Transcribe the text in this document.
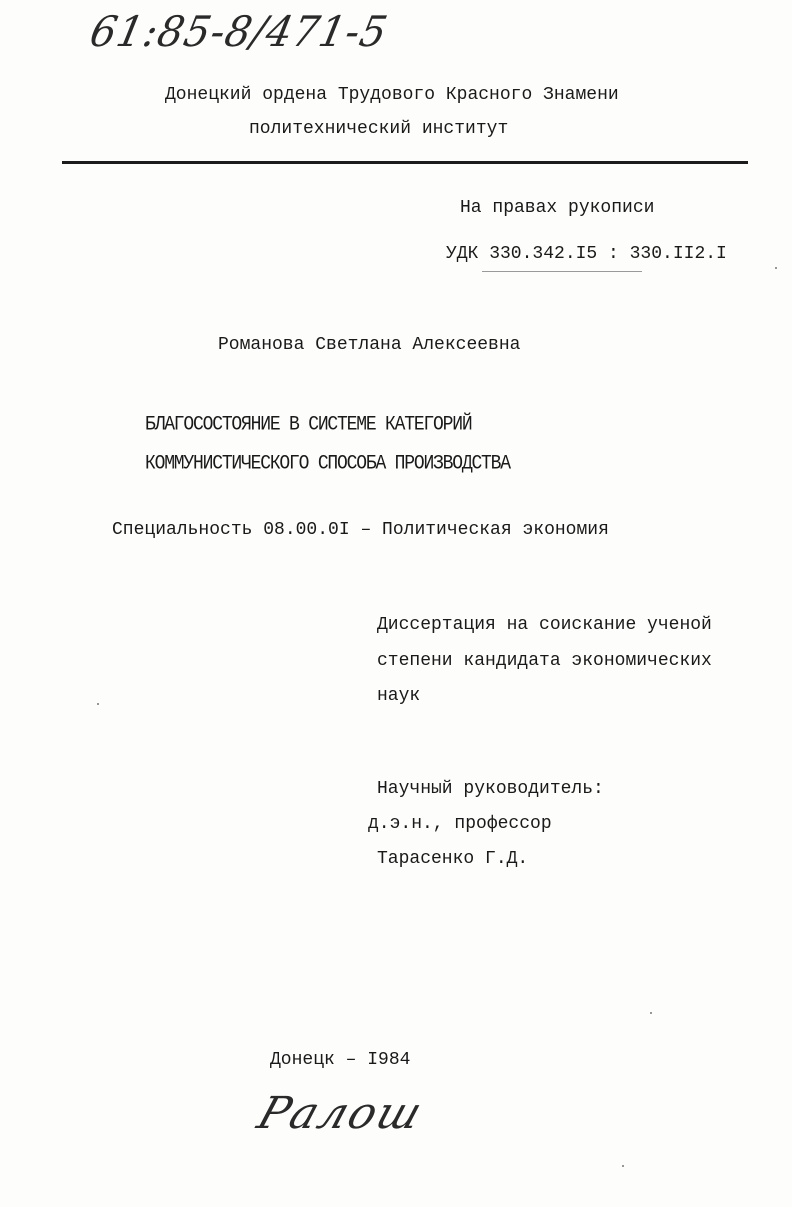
61:85-8/471-5
Донецкий ордена Трудового Красного Знамени
политехнический институт
На правах рукописи
УДК 330.342.I5 : 330.II2.I
Романова Светлана Алексеевна
БЛАГОСОСТОЯНИЕ В СИСТЕМЕ КАТЕГОРИЙ
КОММУНИСТИЧЕСКОГО СПОСОБА ПРОИЗВОДСТВА
Специальность 08.00.0I – Политическая экономия
Диссертация на соискание ученой
степени кандидата экономических
наук
Научный руководитель:
д.э.н., профессор
Тарасенко Г.Д.
Донецк – I984
Ралош
